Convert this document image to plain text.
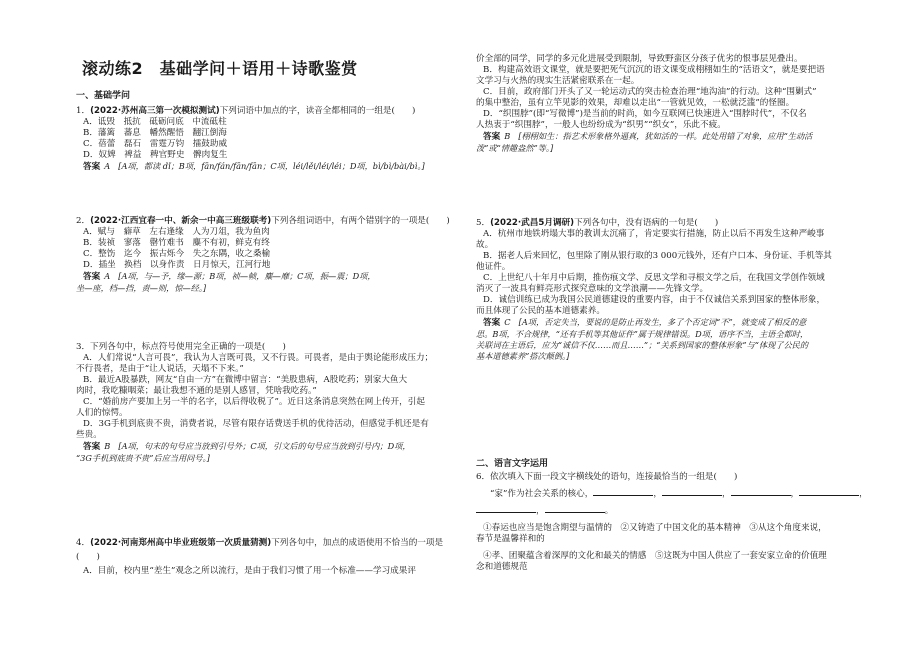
滚动练2　基础学问＋语用＋诗歌鉴赏
一、基础学问
1．(2022·苏州高三第一次模拟测试)下列词语中加点的字，读音全都相同的一组是(　　)
A．诋毁　抵抗　砥砺问底　中流砥柱
B．藩篱　蕃息　幡然醒悟　翻江倒海
C．蓓蕾　磊石　雷霆万钧　擂鼓助威
D．奴婢　裨益　稗官野史　髀肉复生
答案 A　[A项，都读 dǐ；B项，fān/fán/fān/fān；C项，léi/lěi/léi/léi；D项，bì/bì/bài/bì。]
2．(2022·江西宜春一中、新余一中高三班级联考)下列各组词语中，有两个错别字的一项是(　　)
A．赋与　癖草　左右逢缘　人为刀俎，我为鱼肉
B．装祯　寥落　罄竹难书　麋不有初，鲜克有终
C．整饬　迄今　振古烁今　失之东隅，收之桑榆
D．插坐　换档　以身作责　日月惊天，江河行地
答案 A　[A项，与—予，缘—源；B项，祯—帧，麋—靡；C项，振—震；D项，
坐—座，档—挡，责—则，惊—经。]
3．下列各句中，标点符号使用完全正确的一项是(　　)
A．人们常说“人言可畏”，我认为人言既可畏，又不行畏。可畏者，是由于舆论能形成压力；
不行畏者，是由于“让人说话，天塌不下来。”
B．最近A股暴跌，网友“自由一方”在微博中留言：“美股患病，A股吃药；别家大鱼大
肉时，我吃糠咽菜；最让我想不通的是别人感冒，凭啥我吃药。”
C．“婚前房产要加上另一半的名字，以后得收税了”。近日这条消息突然在网上传开，引起
人们的惊愕。
D．3G手机到底贵不贵，消费者说，尽管有限存话费送手机的优待活动，但感觉手机还是有
些贵。
答案 B　[A项，句末的句号应当放到引号外；C项，引文后的句号应当放到引号内；D项，
“3G手机到底贵不贵”后应当用问号。]
4．(2022·河南郑州高中毕业班级第一次质量猜测)下列各句中，加点的成语使用不恰当的一项是
(　　)
A．目前，校内里“差生”观念之所以流行，是由于我们习惯了用一个标准——学习成果评
价全部的同学，同学的多元化进展受到限制，导致野蛮区分孩子优劣的恨事层见叠出。
B．构建高效语文课堂，就是要把死气沉沉的语文课变成栩栩如生的“活语文”，就是要把语
文学习与火热的现实生活紧密联系在一起。
C．目前，政府部门开头了又一轮运动式的突击检查治理“地沟油”的行动。这种“围剿式”
的集中整治，虽有立竿见影的效果，却难以走出“一管就见效，一松就泛滥”的怪圈。
D．“织围脖”(即“写微博”)是当前的时尚，如今互联网已快速进入“围脖时代”，不仅名
人热衷于“织围脖”，一般人也纷纷成为“织男”“织女”，乐此不疲。
答案 B　[栩栩如生：指艺术形象格外逼真，犹如活的一样。此处用错了对象，应用“生动活
泼”或“情趣盎然”等。]
5．(2022·武昌5月调研)下列各句中，没有语病的一句是(　　)
A．杭州市地铁坍塌大事的教训太沉痛了，肯定要实行措施，防止以后不再发生这种严峻事
故。
B．据老人后来回忆，包里除了刚从银行取的3 000元钱外，还有户口本、身份证、手机等其
他证件。
C．上世纪八十年月中后期，推伤痕文学、反思文学和寻根文学之后，在我国文学创作领域
消灭了一波具有鲜亮形式探究意味的文学浪潮——先锋文学。
D．诚信训练已成为我国公民道德建设的重要内容，由于不仅诚信关系到国家的整体形象，
而且体现了公民的基本道德素养。
答案 C　[A项，否定失当，要说的是防止再发生，多了个否定词“不”，就变成了相反的意
思。B项，不合规律，“还有手机等其他证件”属于规律错误。D项，语序不当，主语全都时，
关联词在主语后，应为“诚信不仅……而且……”；“关系到国家的整体形象”与“体现了公民的
基本道德素养”搭次颠倒。]
二、语言文字运用
6．依次填入下面一段文字横线处的语句，连接最恰当的一组是(　　)
“家”作为社会关系的核心，	，	，	，	，
，	。
①春运也应当是饱含期望与温情的　②又铸造了中国文化的基本精神　③从这个角度来说，
春节是温馨祥和的
④孝、团聚蕴含着深厚的文化和最关的情感　⑤这既为中国人供应了一套安家立命的价值理
念和道德规范
